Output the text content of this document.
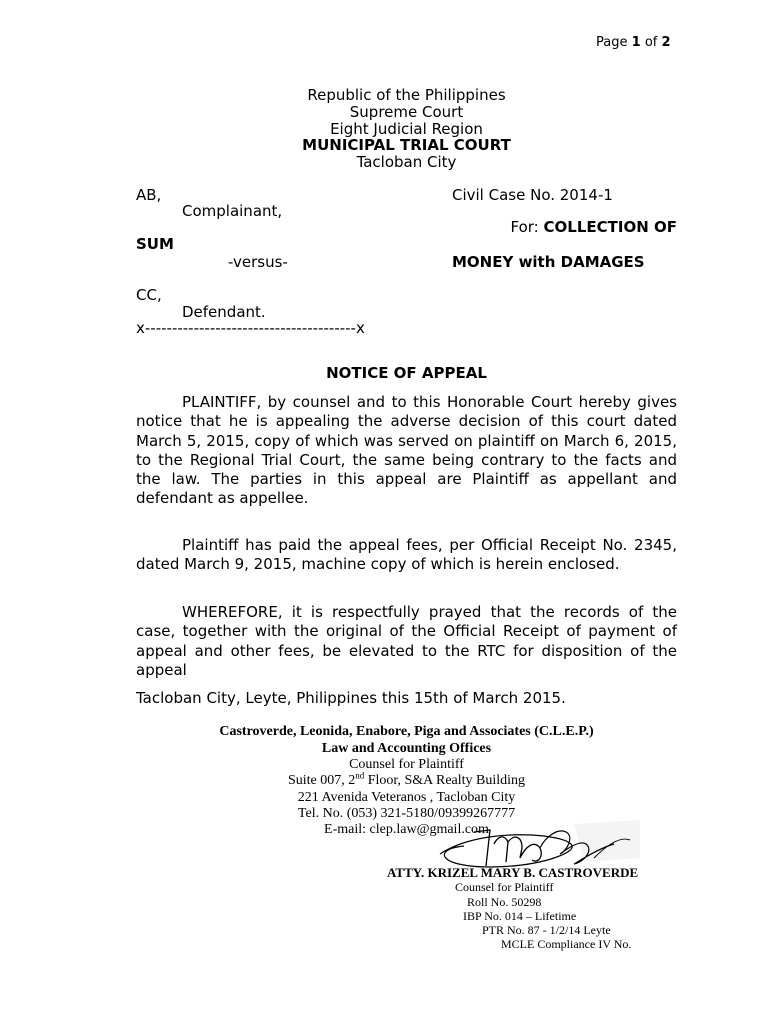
Page 1 of 2
Republic of the Philippines
Supreme Court
Eight Judicial Region
MUNICIPAL TRIAL COURT
Tacloban City
AB,	Civil Case No. 2014-1
Complainant,
For: COLLECTION OF
SUM
-versus-	MONEY with DAMAGES
CC,
Defendant.
x---------------------------------------x
NOTICE OF APPEAL
PLAINTIFF, by counsel and to this Honorable Court hereby gives notice that he is appealing the adverse decision of this court dated March 5, 2015, copy of which was served on plaintiff on March 6, 2015, to the Regional Trial Court, the same being contrary to the facts and the law. The parties in this appeal are Plaintiff as appellant and defendant as appellee.
Plaintiff has paid the appeal fees, per Official Receipt No. 2345, dated March 9, 2015, machine copy of which is herein enclosed.
WHEREFORE, it is respectfully prayed that the records of the case, together with the original of the Official Receipt of payment of appeal and other fees, be elevated to the RTC for disposition of the appeal
Tacloban City, Leyte, Philippines this 15th of March 2015.
Castroverde, Leonida, Enabore, Piga and Associates (C.L.E.P.)
Law and Accounting Offices
Counsel for Plaintiff
Suite 007, 2nd Floor, S&A Realty Building
221 Avenida Veteranos , Tacloban City
Tel. No. (053) 321-5180/09399267777
E-mail: clep.law@gmail.com
ATTY. KRIZEL MARY B. CASTROVERDE
Counsel for Plaintiff
Roll No. 50298
IBP No. 014 – Lifetime
PTR No. 87 - 1/2/14 Leyte
MCLE Compliance IV No.
